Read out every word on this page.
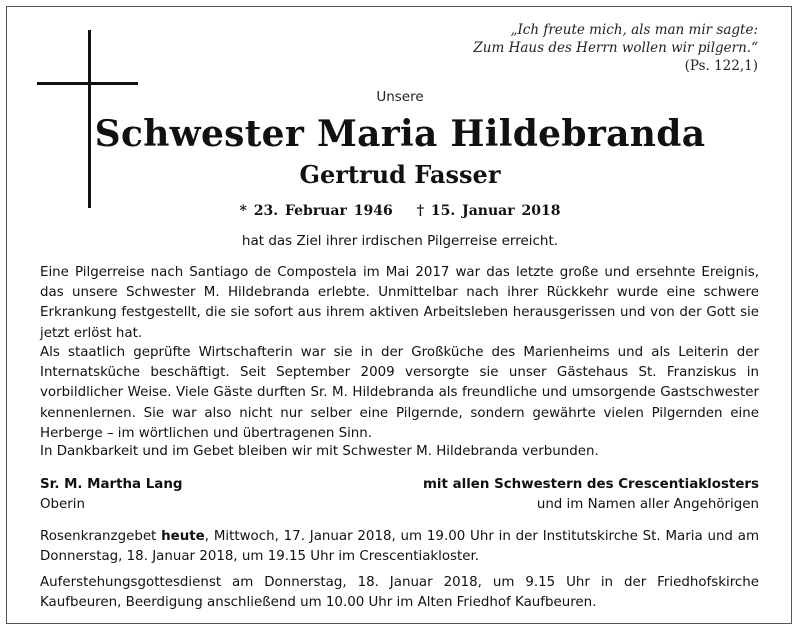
„Ich freute mich, als man mir sagte:
Zum Haus des Herrn wollen wir pilgern.“
(Ps. 122,1)
Unsere
Schwester Maria Hildebranda
Gertrud Fasser
* 23. Februar 1946 † 15. Januar 2018
hat das Ziel ihrer irdischen Pilgerreise erreicht.

Eine Pilgerreise nach Santiago de Compostela im Mai 2017 war das letzte große und ersehnte Ereignis, das unsere Schwester M. Hildebranda erlebte. Unmittelbar nach ihrer Rückkehr wurde eine schwere Erkrankung festgestellt, die sie sofort aus ihrem aktiven Arbeitsleben herausgerissen und von der Gott sie jetzt erlöst hat.

Als staatlich geprüfte Wirtschafterin war sie in der Großküche des Marienheims und als Leiterin der Internatsküche beschäftigt. Seit September 2009 versorgte sie unser Gästehaus St. Franziskus in vorbildlicher Weise. Viele Gäste durften Sr. M. Hildebranda als freundliche und umsorgende Gastschwester kennenlernen. Sie war also nicht nur selber eine Pilgernde, sondern gewährte vielen Pilgernden eine Herberge – im wörtlichen und übertragenen Sinn.

In Dankbarkeit und im Gebet bleiben wir mit Schwester M. Hildebranda verbunden.

Sr. M. Martha Lang
Oberin
mit allen Schwestern des Crescentiaklosters
und im Namen aller Angehörigen

Rosenkranzgebet heute, Mittwoch, 17. Januar 2018, um 19.00 Uhr in der Institutskirche St. Maria und am Donnerstag, 18. Januar 2018, um 19.15 Uhr im Crescentiakloster.

Auferstehungsgottesdienst am Donnerstag, 18. Januar 2018, um 9.15 Uhr in der Friedhofskirche Kaufbeuren, Beerdigung anschließend um 10.00 Uhr im Alten Friedhof Kaufbeuren.
